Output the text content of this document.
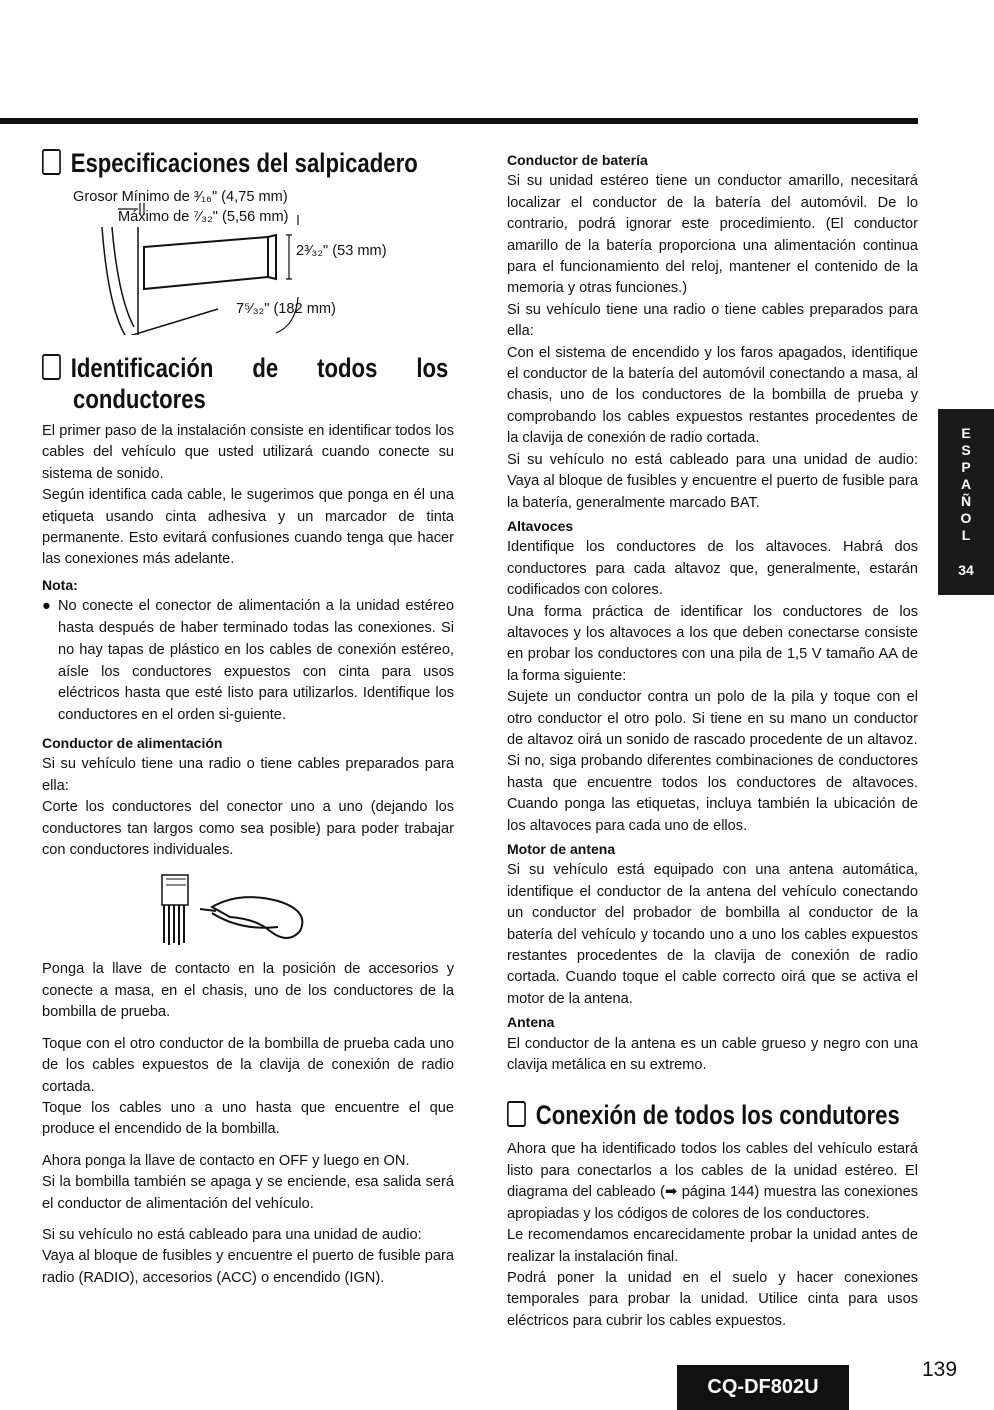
Especificaciones del salpicadero
Grosor Mínimo de ³⁄₁₆" (4,75 mm)
Máximo de ⁷⁄₃₂" (5,56 mm)
2³⁄₃₂" (53 mm)
7⁵⁄₃₂" (182 mm)
Identificación de todos los
conductores

El primer paso de la instalación consiste en identificar todos los cables del vehículo que usted utilizará cuando conecte su sistema de sonido.

Según identifica cada cable, le sugerimos que ponga en él una etiqueta usando cinta adhesiva y un marcador de tinta permanente. Esto evitará confusiones cuando tenga que hacer las conexiones más adelante.

Nota:
● No conecte el conector de alimentación a la unidad estéreo hasta después de haber terminado todas las conexiones. Si no hay tapas de plástico en los cables de conexión estéreo, aísle los conductores expuestos con cinta para usos eléctricos hasta que esté listo para utilizarlos. Identifique los conductores en el orden si-guiente.
Conductor de alimentación

Si su vehículo tiene una radio o tiene cables preparados para ella:

Corte los conductores del conector uno a uno (dejando los conductores tan largos como sea posible) para poder trabajar con conductores individuales.

Ponga la llave de contacto en la posición de accesorios y conecte a masa, en el chasis, uno de los conductores de la bombilla de prueba.

Toque con el otro conductor de la bombilla de prueba cada uno de los cables expuestos de la clavija de conexión de radio cortada.

Toque los cables uno a uno hasta que encuentre el que produce el encendido de la bombilla.

Ahora ponga la llave de contacto en OFF y luego en ON.

Si la bombilla también se apaga y se enciende, esa salida será el conductor de alimentación del vehículo.

Si su vehículo no está cableado para una unidad de audio:

Vaya al bloque de fusibles y encuentre el puerto de fusible para radio (RADIO), accesorios (ACC) o encendido (IGN).

Conductor de batería

Si su unidad estéreo tiene un conductor amarillo, necesitará localizar el conductor de la batería del automóvil. De lo contrario, podrá ignorar este procedimiento. (El conductor amarillo de la batería proporciona una alimentación continua para el funcionamiento del reloj, mantener el contenido de la memoria y otras funciones.)

Si su vehículo tiene una radio o tiene cables preparados para ella:

Con el sistema de encendido y los faros apagados, identifique el conductor de la batería del automóvil conectando a masa, al chasis, uno de los conductores de la bombilla de prueba y comprobando los cables expuestos restantes procedentes de la clavija de conexión de radio cortada.

Si su vehículo no está cableado para una unidad de audio: Vaya al bloque de fusibles y encuentre el puerto de fusible para la batería, generalmente marcado BAT.

Altavoces

Identifique los conductores de los altavoces. Habrá dos conductores para cada altavoz que, generalmente, estarán codificados con colores.

Una forma práctica de identificar los conductores de los altavoces y los altavoces a los que deben conectarse consiste en probar los conductores con una pila de 1,5 V tamaño AA de la forma siguiente:

Sujete un conductor contra un polo de la pila y toque con el otro conductor el otro polo. Si tiene en su mano un conductor de altavoz oirá un sonido de rascado procedente de un altavoz.

Si no, siga probando diferentes combinaciones de conductores hasta que encuentre todos los conductores de altavoces. Cuando ponga las etiquetas, incluya también la ubicación de los altavoces para cada uno de ellos.

Motor de antena

Si su vehículo está equipado con una antena automática, identifique el conductor de la antena del vehículo conectando un conductor del probador de bombilla al conductor de la batería del vehículo y tocando uno a uno los cables expuestos restantes procedentes de la clavija de conexión de radio cortada. Cuando toque el cable correcto oirá que se activa el motor de la antena.

Antena

El conductor de la antena es un cable grueso y negro con una clavija metálica en su extremo.

Conexión de todos los condutores

Ahora que ha identificado todos los cables del vehículo estará listo para conectarlos a los cables de la unidad estéreo. El diagrama del cableado (➡ página 144) muestra las conexiones apropiadas y los códigos de colores de los conductores.

Le recomendamos encarecidamente probar la unidad antes de realizar la instalación final.

Podrá poner la unidad en el suelo y hacer conexiones temporales para probar la unidad. Utilice cinta para usos eléctricos para cubrir los cables expuestos.

E
S
P
A
Ñ
O
L
34
CQ-DF802U
139
